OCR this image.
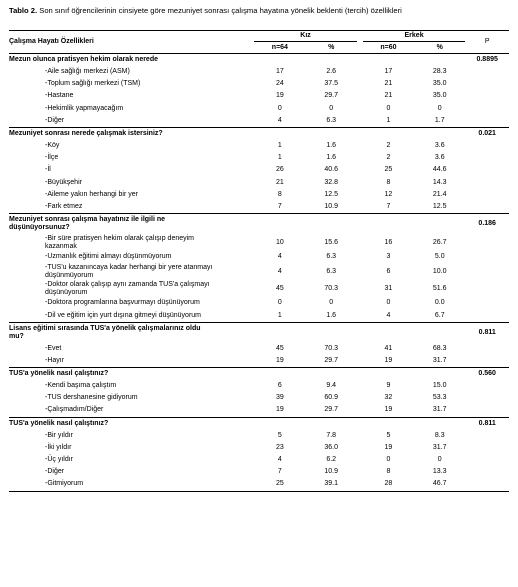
Tablo 2. Son sınıf öğrencilerinin cinsiyete göre mezuniyet sonrası çalışma hayatına yönelik beklenti (tercih) özellikleri
Çalışma Hayatı Özellikleri	Kız			Erkek		P
	n=64	%		n=60	%	
Mezun olunca pratisyen hekim olarak nerede						0.8895
-Aile sağlığı merkezi (ASM)	17	2.6		17	28.3	
-Toplum sağlığı merkezi (TSM)	24	37.5		21	35.0	
-Hastane	19	29.7		21	35.0	
-Hekimlik yapmayacağım	0	0		0	0	
-Diğer	4	6.3		1	1.7	
Mezuniyet sonrası nerede çalışmak istersiniz?						0.021
-Köy	1	1.6		2	3.6	
-İlçe	1	1.6		2	3.6	
-İl	26	40.6		25	44.6	
-Büyükşehir	21	32.8		8	14.3	
-Aileme yakın herhangi bir yer	8	12.5		12	21.4	
-Fark etmez	7	10.9		7	12.5	

Mezuniyet sonrası çalışma hayatınız ile ilgili ne
düşünüyorsunuz?						0.186

-Bir süre pratisyen hekim olarak çalışıp deneyim
kazanmak	10	15.6		16	26.7	
-Uzmanlık eğitimi almayı düşünmüyorum	4	6.3		3	5.0	

-TUS'u kazanıncaya kadar herhangi bir yere atanmayı
düşünmüyorum	4	6.3		6	10.0	

-Doktor olarak çalışıp aynı zamanda TUS'a çalışmayı
düşünüyorum	45	70.3		31	51.6	
-Doktora programlarına başvurmayı düşünüyorum	0	0		0	0.0	
-Dil ve eğitim için yurt dışına gitmeyi düşünüyorum	1	1.6		4	6.7	

Lisans eğitimi sırasında TUS'a yönelik çalışmalarınız oldu
mu?						0.811
-Evet	45	70.3		41	68.3	
-Hayır	19	29.7		19	31.7	
TUS'a yönelik nasıl çalıştınız?						0.560
-Kendi başıma çalıştım	6	9.4		9	15.0	
-TUS dershanesine gidiyorum	39	60.9		32	53.3	
-Çalışmadım/Diğer	19	29.7		19	31.7	
TUS'a yönelik nasıl çalıştınız?						0.811
-Bir yıldır	5	7.8		5	8.3	
-İki yıldır	23	36.0		19	31.7	
-Üç yıldır	4	6.2		0	0	
-Diğer	7	10.9		8	13.3	
-Gitmiyorum	25	39.1		28	46.7	
